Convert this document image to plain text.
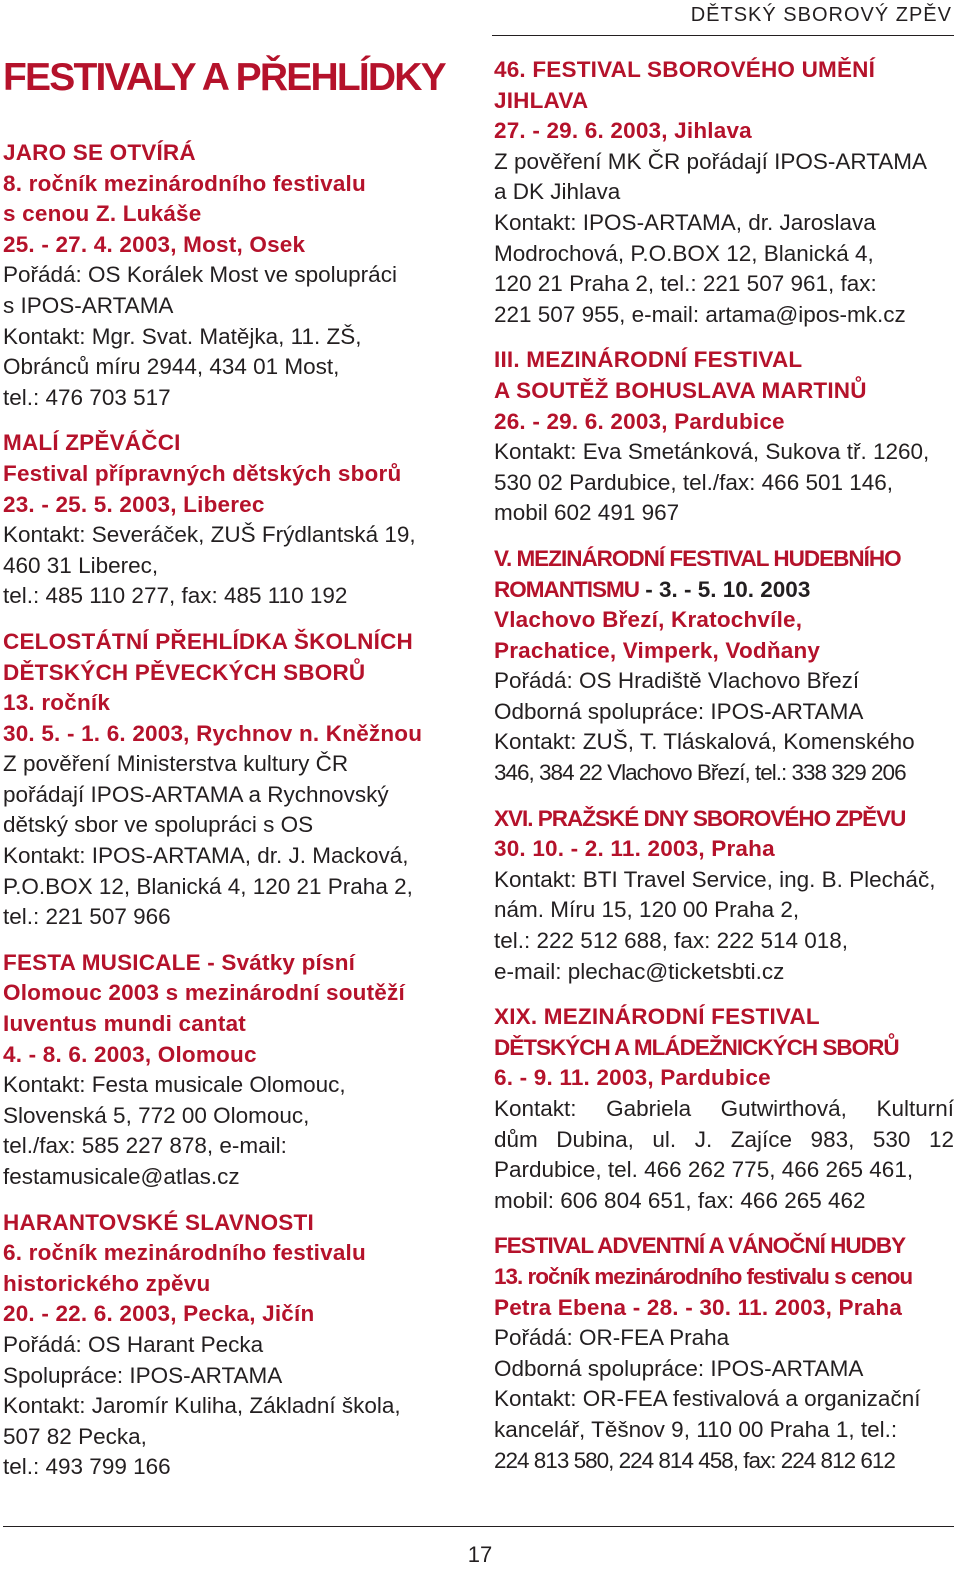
DĚTSKÝ SBOROVÝ ZPĚV
FESTIVALY A PŘEHLÍDKY
JARO SE OTVÍRÁ
8. ročník mezinárodního festivalu
s cenou Z. Lukáše
25. - 27. 4. 2003, Most, Osek
Pořádá: OS Korálek Most ve spolupráci
s IPOS-ARTAMA
Kontakt: Mgr. Svat. Matějka, 11. ZŠ,
Obránců míru 2944, 434 01 Most,
tel.: 476 703 517
MALÍ ZPĚVÁČCI
Festival přípravných dětských sborů
23. - 25. 5. 2003, Liberec
Kontakt: Severáček, ZUŠ Frýdlantská 19,
460 31 Liberec,
tel.: 485 110 277, fax: 485 110 192
CELOSTÁTNÍ PŘEHLÍDKA ŠKOLNÍCH
DĚTSKÝCH PĚVECKÝCH SBORŮ
13. ročník
30. 5. - 1. 6. 2003, Rychnov n. Kněžnou
Z pověření Ministerstva kultury ČR
pořádají IPOS-ARTAMA a Rychnovský
dětský sbor ve spolupráci s OS
Kontakt: IPOS-ARTAMA, dr. J. Macková,
P.O.BOX 12, Blanická 4, 120 21 Praha 2,
tel.: 221 507 966
FESTA MUSICALE - Svátky písní
Olomouc 2003 s mezinárodní soutěží
Iuventus mundi cantat
4. - 8. 6. 2003, Olomouc
Kontakt: Festa musicale Olomouc,
Slovenská 5, 772 00 Olomouc,
tel./fax: 585 227 878, e-mail:
festamusicale@atlas.cz
HARANTOVSKÉ SLAVNOSTI
6. ročník mezinárodního festivalu
historického zpěvu
20. - 22. 6. 2003, Pecka, Jičín
Pořádá: OS Harant Pecka
Spolupráce: IPOS-ARTAMA
Kontakt: Jaromír Kuliha, Základní škola,
507 82 Pecka,
tel.: 493 799 166
46. FESTIVAL SBOROVÉHO UMĚNÍ
JIHLAVA
27. - 29. 6. 2003, Jihlava
Z pověření MK ČR pořádají IPOS-ARTAMA
a DK Jihlava
Kontakt: IPOS-ARTAMA, dr. Jaroslava
Modrochová, P.O.BOX 12, Blanická 4,
120 21 Praha 2, tel.: 221 507 961, fax:
221 507 955, e-mail: artama@ipos-mk.cz
III. MEZINÁRODNÍ FESTIVAL
A SOUTĚŽ BOHUSLAVA MARTINŮ
26. - 29. 6. 2003, Pardubice
Kontakt: Eva Smetánková, Sukova tř. 1260,
530 02 Pardubice, tel./fax: 466 501 146,
mobil 602 491 967
V. MEZINÁRODNÍ FESTIVAL HUDEBNÍHO
ROMANTISMU - 3. - 5. 10. 2003
Vlachovo Březí, Kratochvíle,
Prachatice, Vimperk, Vodňany
Pořádá: OS Hradiště Vlachovo Březí
Odborná spolupráce: IPOS-ARTAMA
Kontakt: ZUŠ, T. Tláskalová, Komenského
346, 384 22 Vlachovo Březí, tel.: 338 329 206
XVI. PRAŽSKÉ DNY SBOROVÉHO ZPĚVU
30. 10. - 2. 11. 2003, Praha
Kontakt: BTI Travel Service, ing. B. Plecháč,
nám. Míru 15, 120 00 Praha 2,
tel.: 222 512 688, fax: 222 514 018,
e-mail: plechac@ticketsbti.cz
XIX. MEZINÁRODNÍ FESTIVAL
DĚTSKÝCH A MLÁDEŽNICKÝCH SBORŮ
6. - 9. 11. 2003, Pardubice
Kontakt: Gabriela Gutwirthová, Kulturní
dům Dubina, ul. J. Zajíce 983, 530 12
Pardubice, tel. 466 262 775, 466 265 461,
mobil: 606 804 651, fax: 466 265 462
FESTIVAL ADVENTNÍ A VÁNOČNÍ HUDBY
13. ročník mezinárodního festivalu s cenou
Petra Ebena - 28. - 30. 11. 2003, Praha
Pořádá: OR-FEA Praha
Odborná spolupráce: IPOS-ARTAMA
Kontakt: OR-FEA festivalová a organizační
kancelář, Těšnov 9, 110 00 Praha 1, tel.:
224 813 580, 224 814 458, fax: 224 812 612
17
